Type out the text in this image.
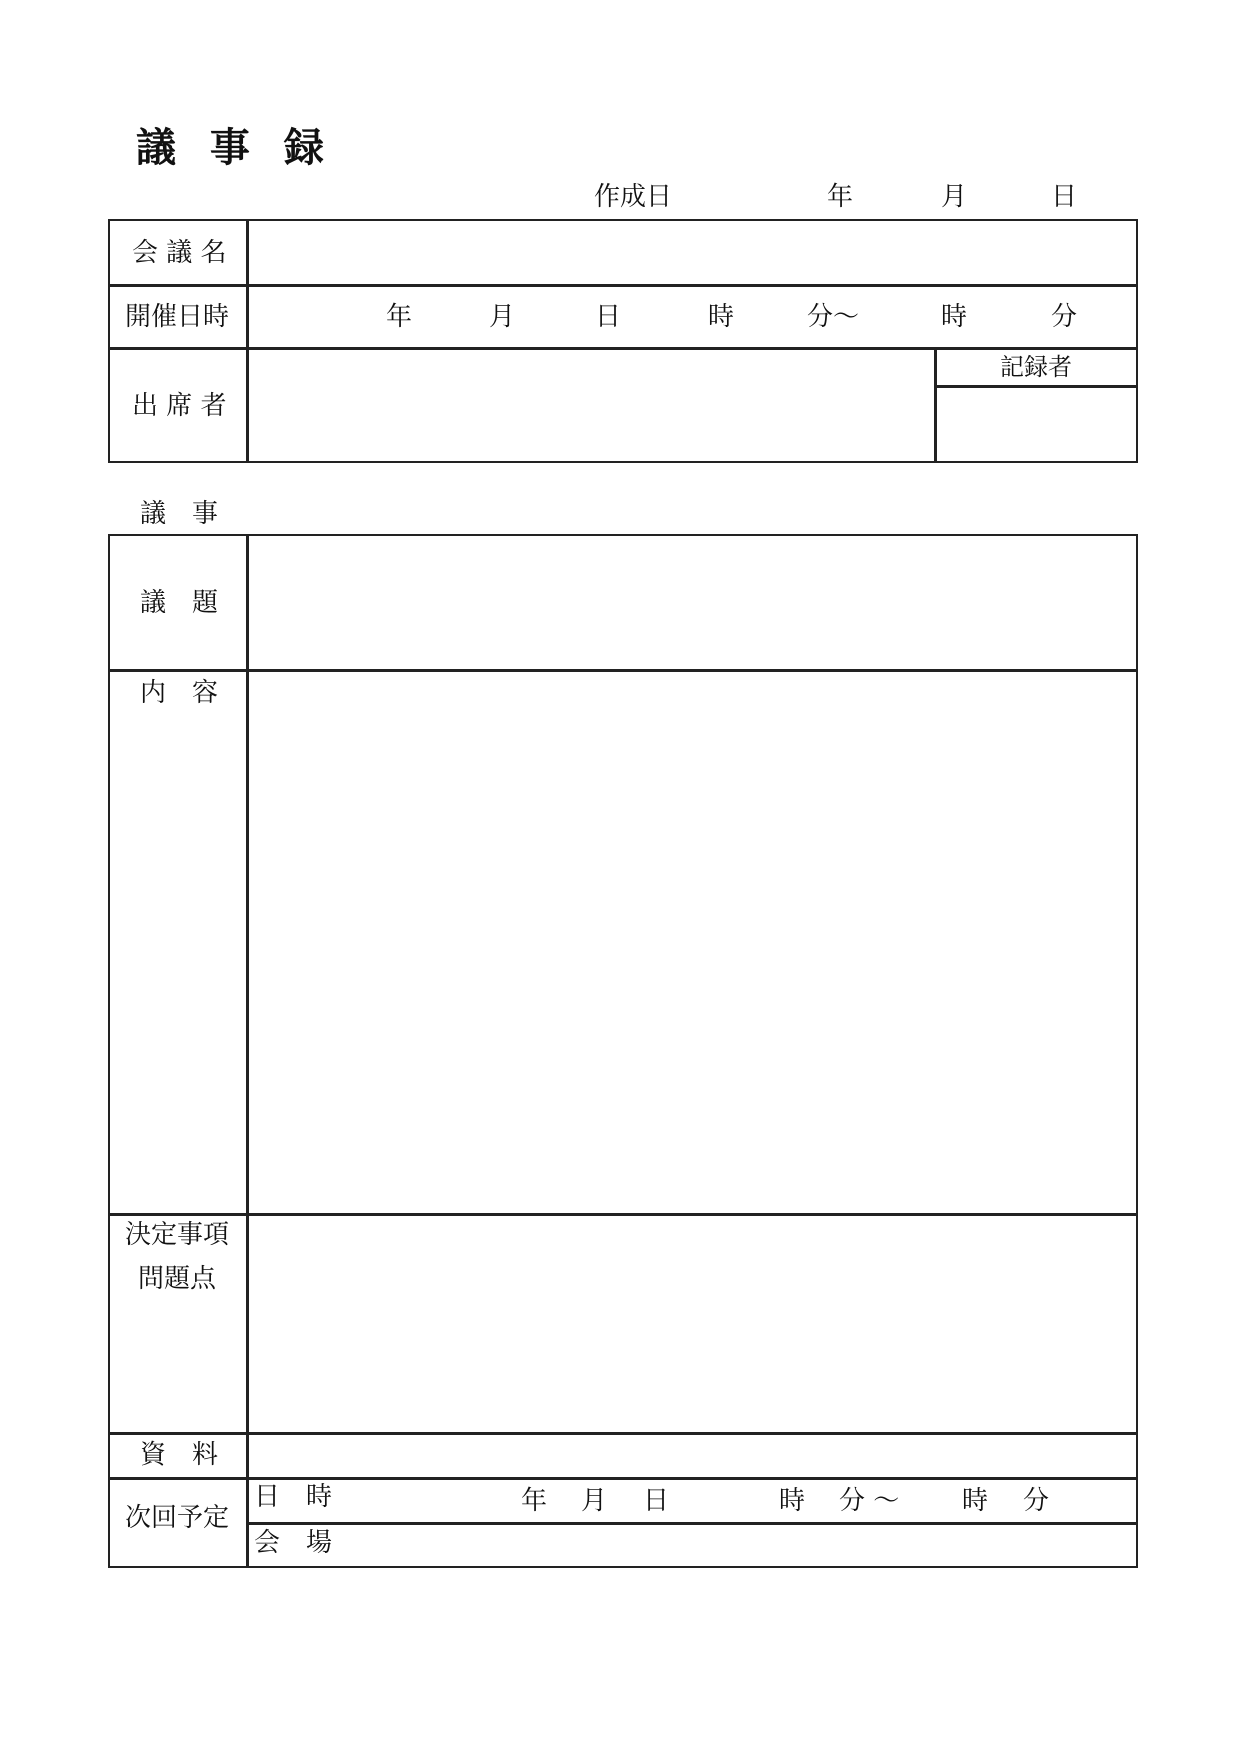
議 事 録
作成日	年	月	日
会 議 名
開催日時	年	月	日	時	分〜	時	分
出 席 者
記録者
議　事
議　題
内　容
決定事項
問題点
資　料
次回予定
日　時	年 月 日	時 分 〜 時 分
会　場
